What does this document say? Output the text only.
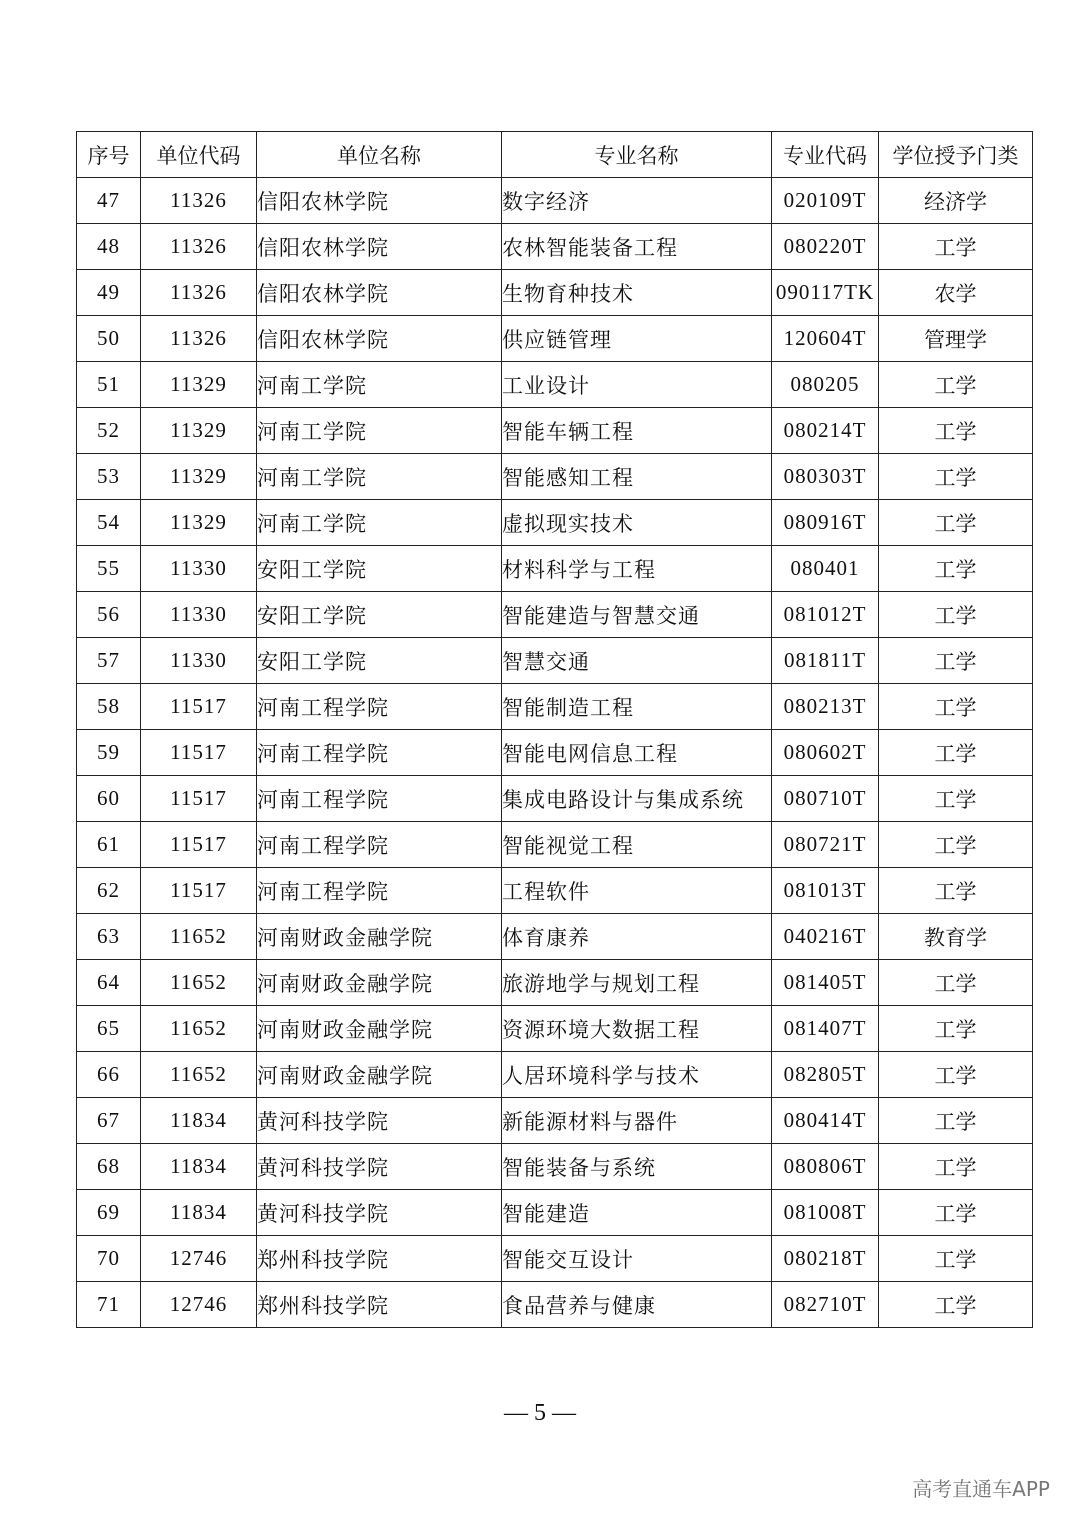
序号	单位代码	单位名称	专业名称	专业代码	学位授予门类
47	11326	信阳农林学院	数字经济	020109T	经济学
48	11326	信阳农林学院	农林智能装备工程	080220T	工学
49	11326	信阳农林学院	生物育种技术	090117TK	农学
50	11326	信阳农林学院	供应链管理	120604T	管理学
51	11329	河南工学院	工业设计	080205	工学
52	11329	河南工学院	智能车辆工程	080214T	工学
53	11329	河南工学院	智能感知工程	080303T	工学
54	11329	河南工学院	虚拟现实技术	080916T	工学
55	11330	安阳工学院	材料科学与工程	080401	工学
56	11330	安阳工学院	智能建造与智慧交通	081012T	工学
57	11330	安阳工学院	智慧交通	081811T	工学
58	11517	河南工程学院	智能制造工程	080213T	工学
59	11517	河南工程学院	智能电网信息工程	080602T	工学
60	11517	河南工程学院	集成电路设计与集成系统	080710T	工学
61	11517	河南工程学院	智能视觉工程	080721T	工学
62	11517	河南工程学院	工程软件	081013T	工学
63	11652	河南财政金融学院	体育康养	040216T	教育学
64	11652	河南财政金融学院	旅游地学与规划工程	081405T	工学
65	11652	河南财政金融学院	资源环境大数据工程	081407T	工学
66	11652	河南财政金融学院	人居环境科学与技术	082805T	工学
67	11834	黄河科技学院	新能源材料与器件	080414T	工学
68	11834	黄河科技学院	智能装备与系统	080806T	工学
69	11834	黄河科技学院	智能建造	081008T	工学
70	12746	郑州科技学院	智能交互设计	080218T	工学
71	12746	郑州科技学院	食品营养与健康	082710T	工学
— 5 —
高考直通车APP
